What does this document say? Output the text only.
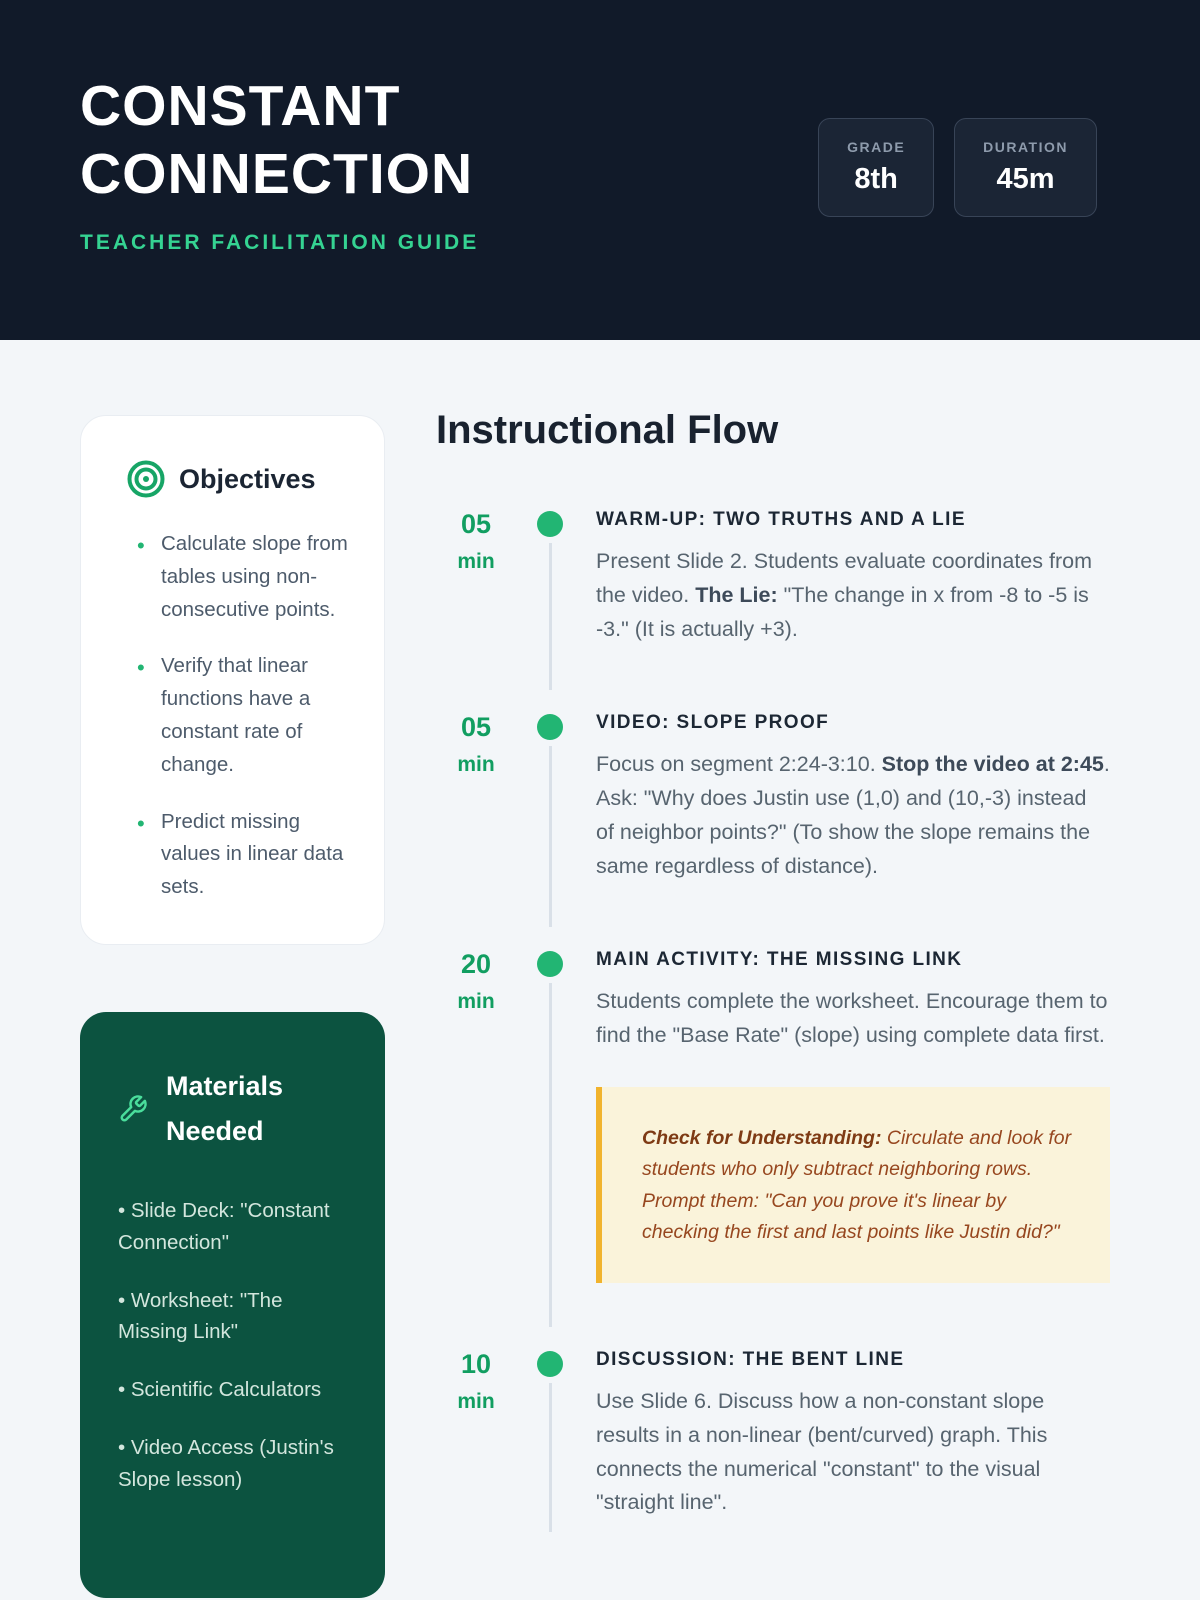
CONSTANT
CONNECTION
TEACHER FACILITATION GUIDE
GRADE
8th
DURATION
45m
Objectives
• Calculate slope from tables using non-consecutive points.
• Verify that linear functions have a constant rate of change.
• Predict missing values in linear data sets.
Materials Needed
• Slide Deck: "Constant Connection"
• Worksheet: "The Missing Link"
• Scientific Calculators
• Video Access (Justin's Slope lesson)
Instructional Flow
05
min
WARM-UP: TWO TRUTHS AND A LIE

Present Slide 2. Students evaluate coordinates from the video. The Lie: "The change in x from -8 to -5 is -3." (It is actually +3).

05
min
VIDEO: SLOPE PROOF

Focus on segment 2:24-3:10. Stop the video at 2:45. Ask: "Why does Justin use (1,0) and (10,-3) instead of neighbor points?" (To show the slope remains the same regardless of distance).

20
min
MAIN ACTIVITY: THE MISSING LINK

Students complete the worksheet. Encourage them to find the "Base Rate" (slope) using complete data first.

Check for Understanding: Circulate and look for students who only subtract neighboring rows. Prompt them: "Can you prove it's linear by checking the first and last points like Justin did?"
10
min
DISCUSSION: THE BENT LINE

Use Slide 6. Discuss how a non-constant slope results in a non-linear (bent/curved) graph. This connects the numerical "constant" to the visual "straight line".
